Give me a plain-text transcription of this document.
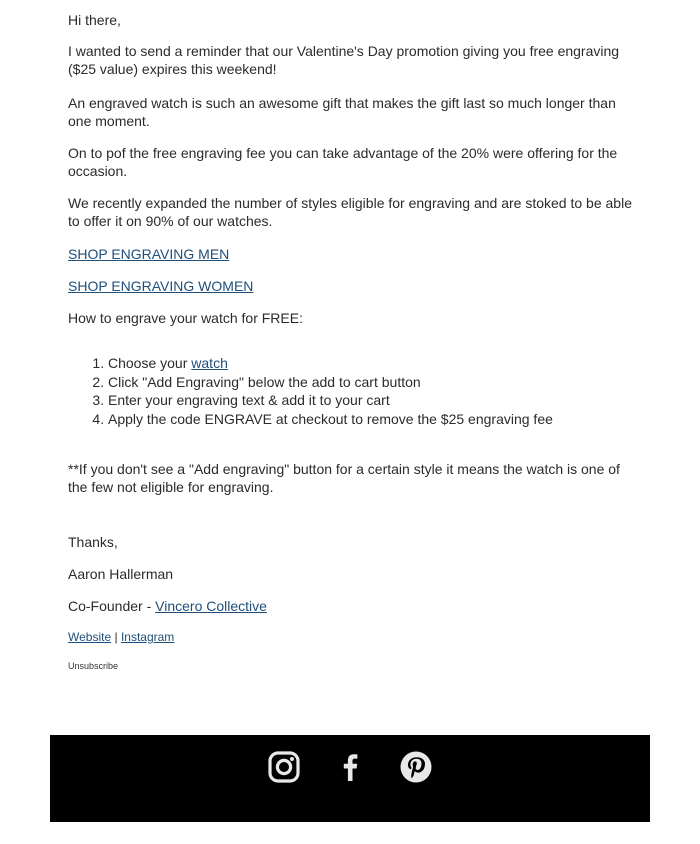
Hi there,

I wanted to send a reminder that our Valentine's Day promotion giving you free engraving ($25 value) expires this weekend!

An engraved watch is such an awesome gift that makes the gift last so much longer than one moment.

On to pof the free engraving fee you can take advantage of the 20% were offering for the occasion.

We recently expanded the number of styles eligible for engraving and are stoked to be able to offer it on 90% of our watches.

SHOP ENGRAVING MEN

SHOP ENGRAVING WOMEN

How to engrave your watch for FREE:

1. Choose your watch
2. Click "Add Engraving" below the add to cart button
3. Enter your engraving text & add it to your cart
4. Apply the code ENGRAVE at checkout to remove the $25 engraving fee

**If you don't see a "Add engraving" button for a certain style it means the watch is one of the few not eligible for engraving.

Thanks,

Aaron Hallerman

Co-Founder - Vincero Collective

Website | Instagram

Unsubscribe
